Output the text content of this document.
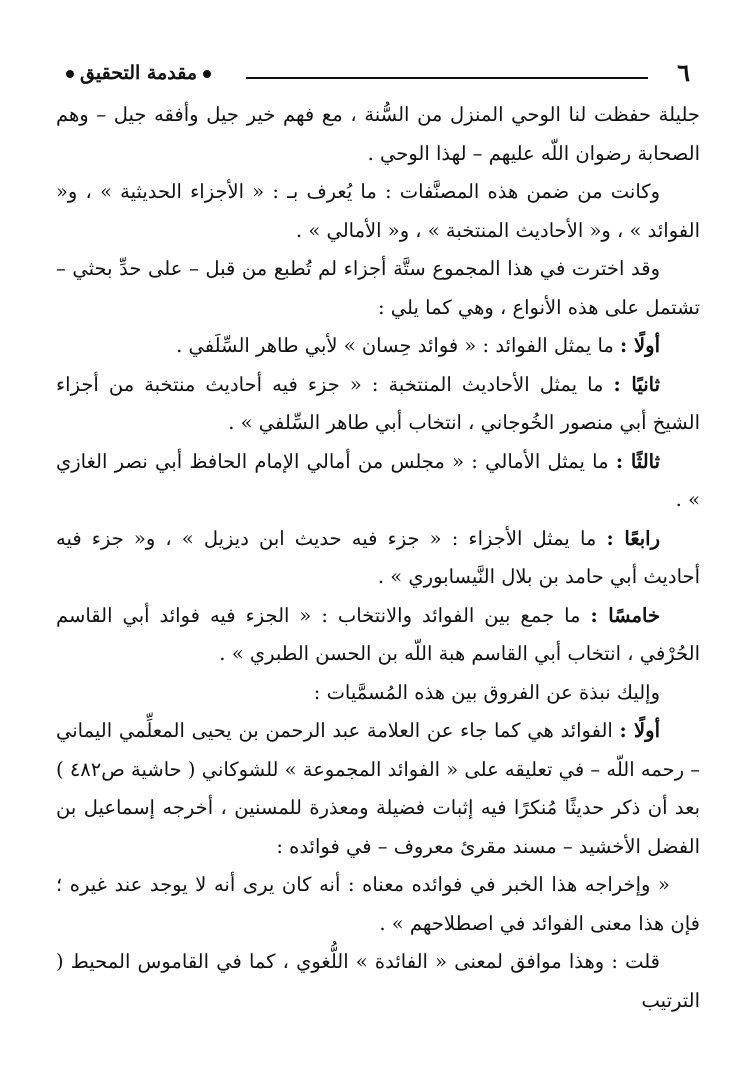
٦
مقدمة التحقيق

جليلة حفظت لنا الوحي المنزل من السُّنة ، مع فهم خير جيل وأفقه جيل – وهم الصحابة رضوان اللّه عليهم – لهذا الوحي .

وكانت من ضمن هذه المصنَّفات : ما يُعرف بـ : « الأجزاء الحديثية » ، و« الفوائد » ، و« الأحاديث المنتخبة » ، و« الأمالي » .

وقد اخترت في هذا المجموع ستَّة أجزاء لم تُطبع من قبل – على حدِّ بحثي – تشتمل على هذه الأنواع ، وهي كما يلي :

أولًا : ما يمثل الفوائد : « فوائد حِسان » لأبي طاهر السِّلَفي .

ثانيًا : ما يمثل الأحاديث المنتخبة : « جزء فيه أحاديث منتخبة من أجزاء الشيخ أبي منصور الخُوجاني ، انتخاب أبي طاهر السِّلفي » .

ثالثًا : ما يمثل الأمالي : « مجلس من أمالي الإمام الحافظ أبي نصر الغازي » .

رابعًا : ما يمثل الأجزاء : « جزء فيه حديث ابن ديزيل » ، و« جزء فيه أحاديث أبي حامد بن بلال النَّيسابوري » .

خامسًا : ما جمع بين الفوائد والانتخاب : « الجزء فيه فوائد أبي القاسم الحُرْفي ، انتخاب أبي القاسم هبة اللّه بن الحسن الطبري » .

وإليك نبذة عن الفروق بين هذه المُسمَّيات :

أولًا : الفوائد هي كما جاء عن العلامة عبد الرحمن بن يحيى المعلِّمي اليماني – رحمه اللّه – في تعليقه على « الفوائد المجموعة » للشوكاني ( حاشية ص٤٨٢ ) بعد أن ذكر حديثًا مُنكرًا فيه إثبات فضيلة ومعذرة للمسنين ، أخرجه إسماعيل بن الفضل الأخشيد – مسند مقرئ معروف – في فوائده :

« وإخراجه هذا الخبر في فوائده معناه : أنه كان يرى أنه لا يوجد عند غيره ؛ فإن هذا معنى الفوائد في اصطلاحهم » .

قلت : وهذا موافق لمعنى « الفائدة » اللُّغوي ، كما في القاموس المحيط ( الترتيب
